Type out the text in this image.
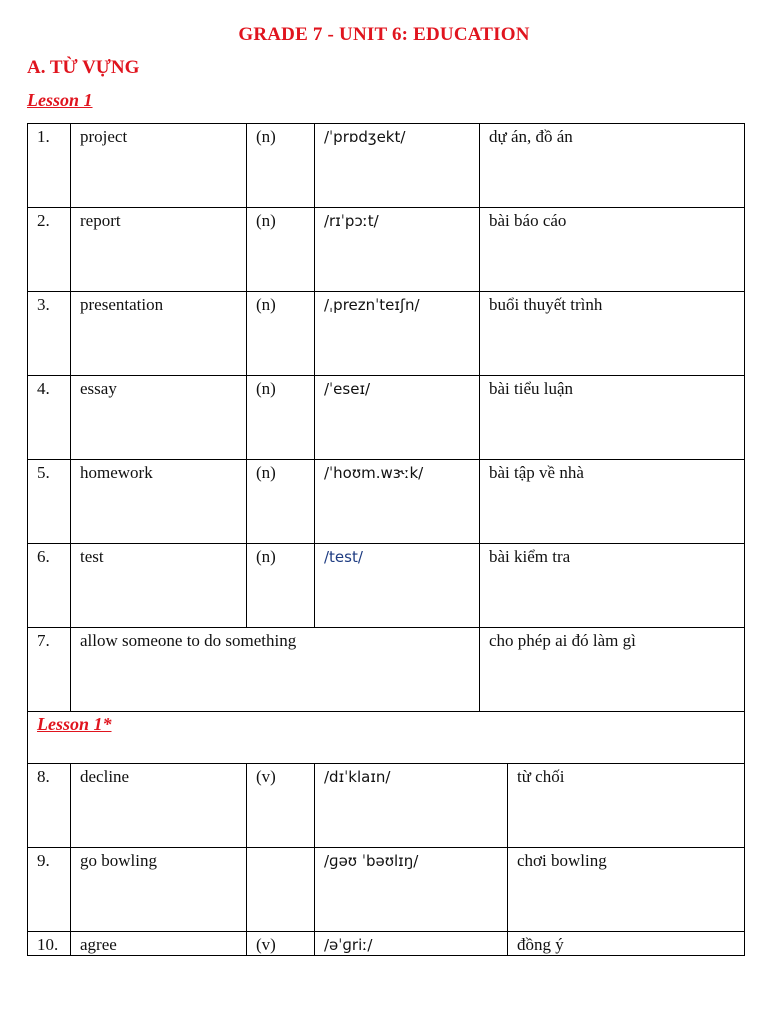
GRADE 7 - UNIT 6: EDUCATION
A. TỪ VỰNG
Lesson 1
1.	project	(n)	/ˈprɒdʒekt/	dự án, đồ án	
2.	report	(n)	/rɪˈpɔːt/	bài báo cáo	
3.	presentation	(n)	/ˌpreznˈteɪʃn/	buổi thuyết trình	
4.	essay	(n)	/ˈeseɪ/	bài tiểu luận	
5.	homework	(n)	/ˈhoʊm.wɝːk/	bài tập về nhà	
6.	test	(n)	/test/	bài kiểm tra	
7.	allow someone to do something			cho phép ai đó làm gì	
Lesson 1*					
8.	decline	(v)	/dɪˈklaɪn/		từ chối
9.	go bowling		/ɡəʊ ˈbəʊlɪŋ/		chơi bowling
10.	agree	(v)	/əˈɡriː/		đồng ý
